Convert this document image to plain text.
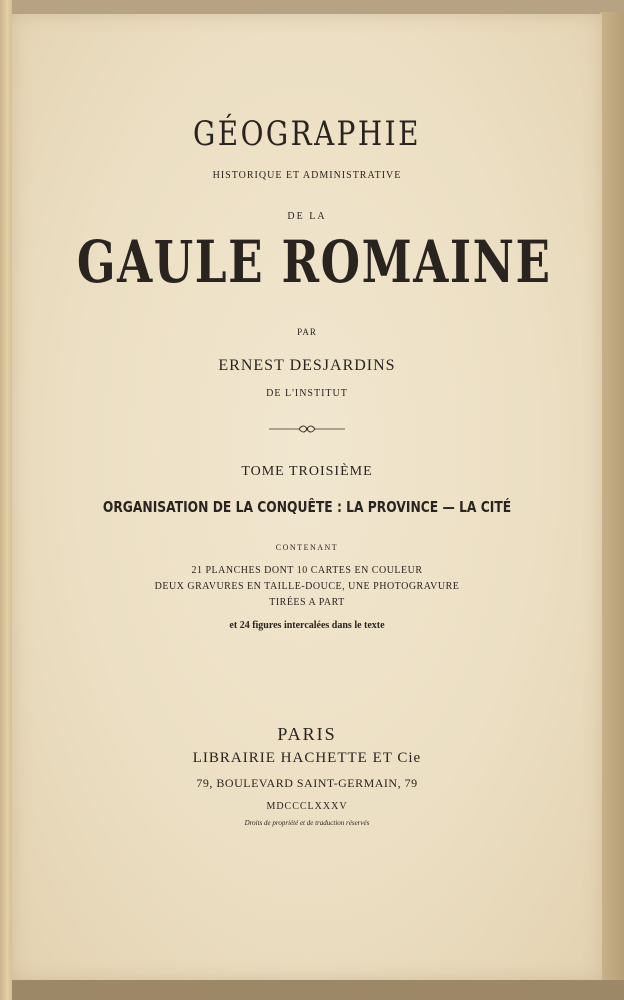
GÉOGRAPHIE

HISTORIQUE ET ADMINISTRATIVE

DE LA

GAULE ROMAINE

PAR

ERNEST DESJARDINS

DE L'INSTITUT

TOME TROISIÈME

ORGANISATION DE LA CONQUÊTE : LA PROVINCE — LA CITÉ

CONTENANT

21 PLANCHES DONT 10 CARTES EN COULEUR

DEUX GRAVURES EN TAILLE-DOUCE, UNE PHOTOGRAVURE

TIRÉES A PART

et 24 figures intercalées dans le texte

PARIS

LIBRAIRIE HACHETTE ET Cie

79, BOULEVARD SAINT-GERMAIN, 79

MDCCCLXXXV

Droits de propriété et de traduction réservés
